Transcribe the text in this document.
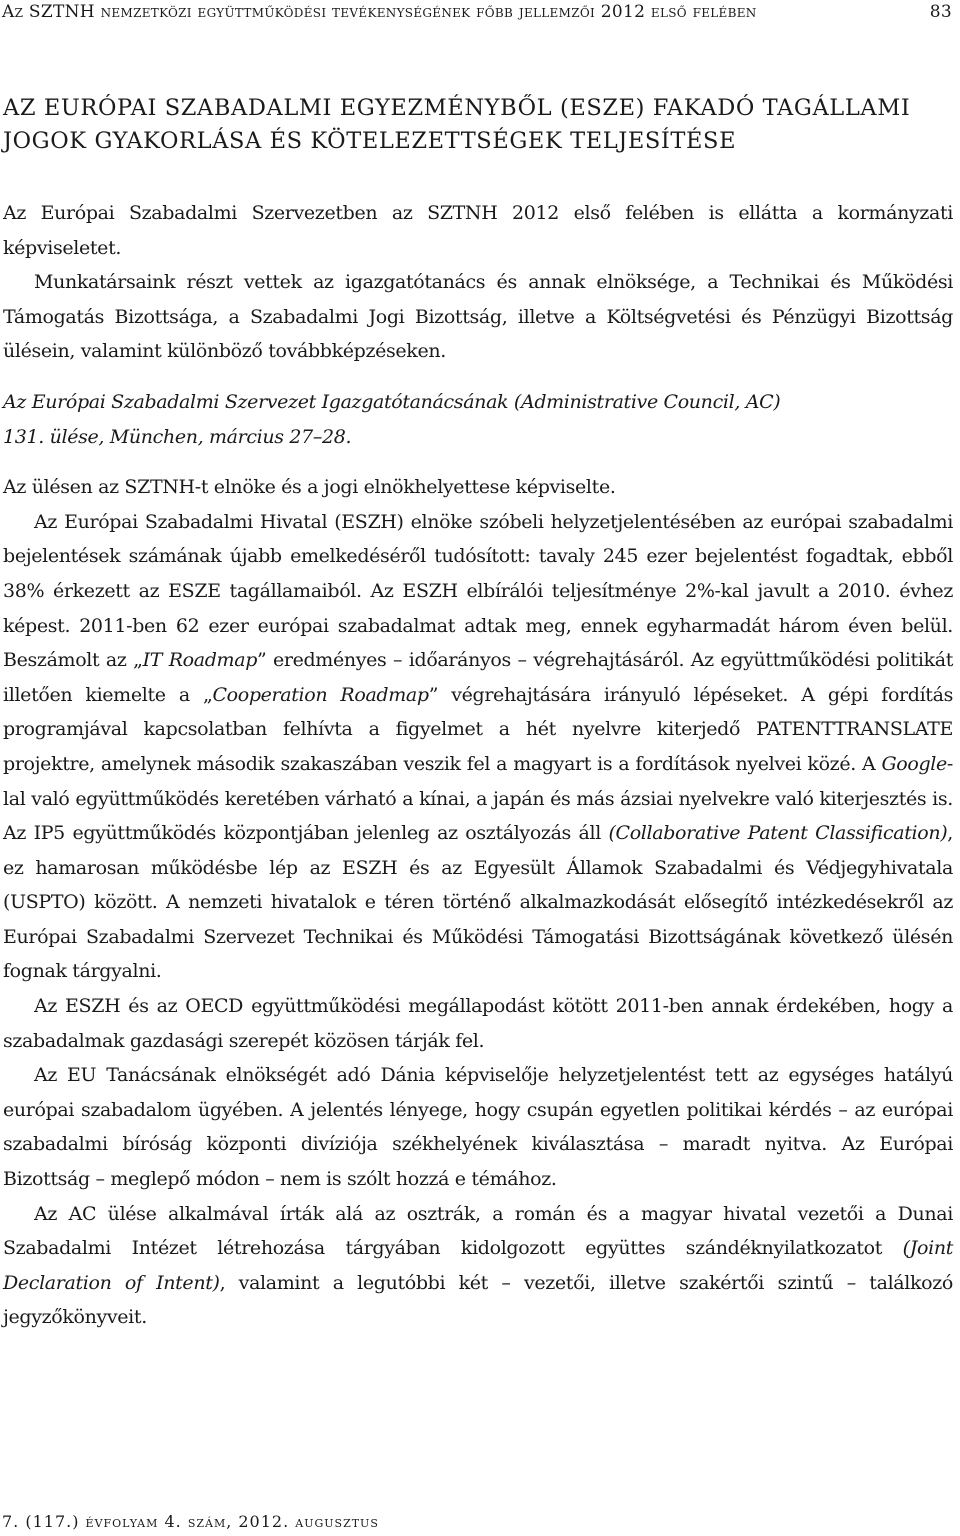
Az SZTNH nemzetközi együttműködési tevékenységének főbb jellemzői 2012 első felében	83
AZ EURÓPAI SZABADALMI EGYEZMÉNYBŐL (ESZE) FAKADÓ TAGÁLLAMI
JOGOK GYAKORLÁSA ÉS KÖTELEZETTSÉGEK TELJESÍTÉSE

Az Európai Szabadalmi Szervezetben az SZTNH 2012 első felében is ellátta a kormányzati képviseletet.

Munkatársaink részt vettek az igazgatótanács és annak elnöksége, a Technikai és Működési Támogatás Bizottsága, a Szabadalmi Jogi Bizottság, illetve a Költségvetési és Pénzügyi Bizottság ülésein, valamint különböző továbbképzéseken.

Az Európai Szabadalmi Szervezet Igazgatótanácsának (Administrative Council, AC)
131. ülése, München, március 27–28.

Az ülésen az SZTNH-t elnöke és a jogi elnökhelyettese képviselte.

Az Európai Szabadalmi Hivatal (ESZH) elnöke szóbeli helyzetjelentésében az európai szabadalmi bejelentések számának újabb emelkedéséről tudósított: tavaly 245 ezer bejelentést fogadtak, ebből 38% érkezett az ESZE tagállamaiból. Az ESZH elbírálói teljesítménye 2%-kal javult a 2010. évhez képest. 2011-ben 62 ezer európai szabadalmat adtak meg, ennek egyharmadát három éven belül. Beszámolt az „IT Roadmap” eredményes – időarányos – végrehajtásáról. Az együttműködési politikát illetően kiemelte a „Cooperation Roadmap” végrehajtására irányuló lépéseket. A gépi fordítás programjával kapcsolatban felhívta a figyelmet a hét nyelvre kiterjedő PATENTTRANSLATE projektre, amelynek második szakaszában veszik fel a magyart is a fordítások nyelvei közé. A Google-lal való együttműködés keretében várható a kínai, a japán és más ázsiai nyelvekre való kiterjesztés is. Az IP5 együttműködés központjában jelenleg az osztályozás áll (Collaborative Patent Classification), ez hamarosan működésbe lép az ESZH és az Egyesült Államok Szabadalmi és Védjegyhivatala (USPTO) között. A nemzeti hivatalok e téren történő alkalmazkodását elősegítő intézkedésekről az Európai Szabadalmi Szervezet Technikai és Működési Támogatási Bizottságának következő ülésén fognak tárgyalni.

Az ESZH és az OECD együttműködési megállapodást kötött 2011-ben annak érdekében, hogy a szabadalmak gazdasági szerepét közösen tárják fel.

Az EU Tanácsának elnökségét adó Dánia képviselője helyzetjelentést tett az egységes hatályú európai szabadalom ügyében. A jelentés lényege, hogy csupán egyetlen politikai kérdés – az európai szabadalmi bíróság központi divíziója székhelyének kiválasztása – maradt nyitva. Az Európai Bizottság – meglepő módon – nem is szólt hozzá e témához.

Az AC ülése alkalmával írták alá az osztrák, a román és a magyar hivatal vezetői a Dunai Szabadalmi Intézet létrehozása tárgyában kidolgozott együttes szándéknyilatkozatot (Joint Declaration of Intent), valamint a legutóbbi két – vezetői, illetve szakértői szintű – találkozó jegyzőkönyveit.

7. (117.) évfolyam 4. szám, 2012. augusztus
